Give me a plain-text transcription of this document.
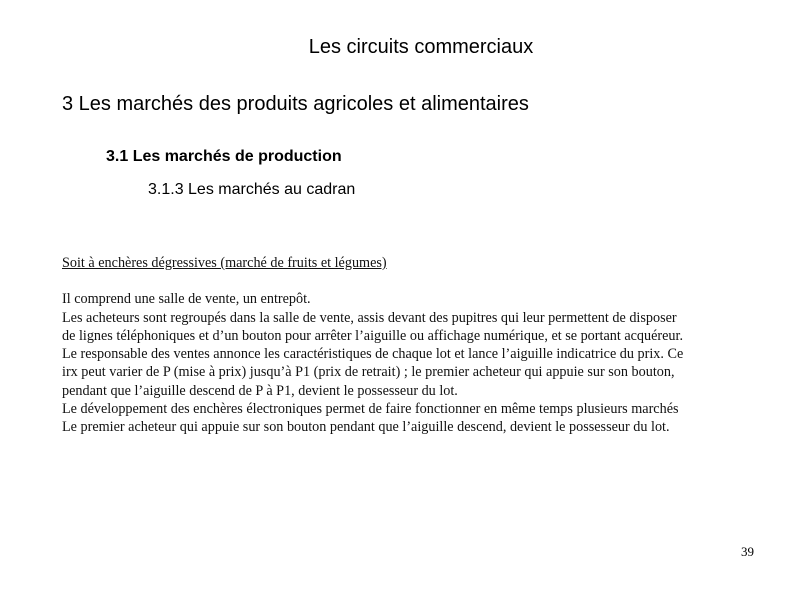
Les circuits commerciaux
3 Les marchés des produits agricoles et alimentaires
3.1 Les marchés de production
3.1.3 Les marchés au cadran
Soit à enchères dégressives (marché de fruits et légumes)
Il comprend une salle de vente, un entrepôt.
Les acheteurs sont regroupés dans la salle de vente, assis devant des pupitres qui leur permettent de disposer
de lignes téléphoniques et d’un bouton pour arrêter l’aiguille ou affichage numérique, et se portant acquéreur.
Le responsable des ventes annonce les caractéristiques de chaque lot et lance l’aiguille indicatrice du prix. Ce
irx peut varier de P (mise à prix) jusqu’à P1 (prix de retrait) ; le premier acheteur qui appuie sur son bouton,
pendant que l’aiguille descend de P à P1, devient le possesseur du lot.
Le développement des enchères électroniques permet de faire fonctionner en même temps plusieurs marchés
Le premier acheteur qui appuie sur son bouton pendant que l’aiguille descend, devient le possesseur du lot.
39
